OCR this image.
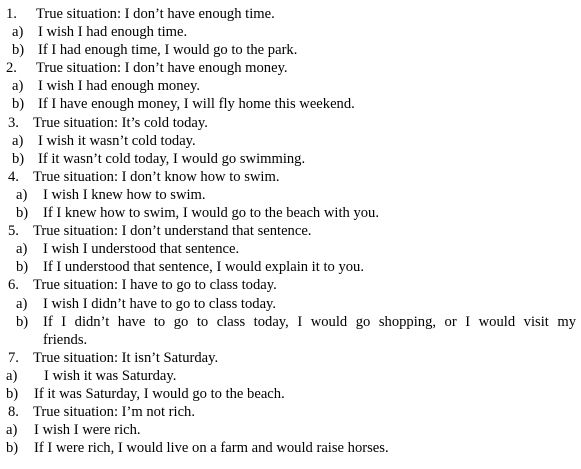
1. True situation: I don’t have enough time.
a) I wish I had enough time.
b) If I had enough time, I would go to the park.
2. True situation: I don’t have enough money.
a) I wish I had enough money.
b) If I have enough money, I will fly home this weekend.
3. True situation: It’s cold today.
a) I wish it wasn’t cold today.
b) If it wasn’t cold today, I would go swimming.
4. True situation: I don’t know how to swim.
a) I wish I knew how to swim.
b) If I knew how to swim, I would go to the beach with you.
5. True situation: I don’t understand that sentence.
a) I wish I understood that sentence.
b) If I understood that sentence, I would explain it to you.
6. True situation: I have to go to class today.
a) I wish I didn’t have to go to class today.
b) If I didn’t have to go to class today, I would go shopping, or I would visit my
friends.
7. True situation: It isn’t Saturday.
a) I wish it was Saturday.
b) If it was Saturday, I would go to the beach.
8. True situation: I’m not rich.
a) I wish I were rich.
b) If I were rich, I would live on a farm and would raise horses.
